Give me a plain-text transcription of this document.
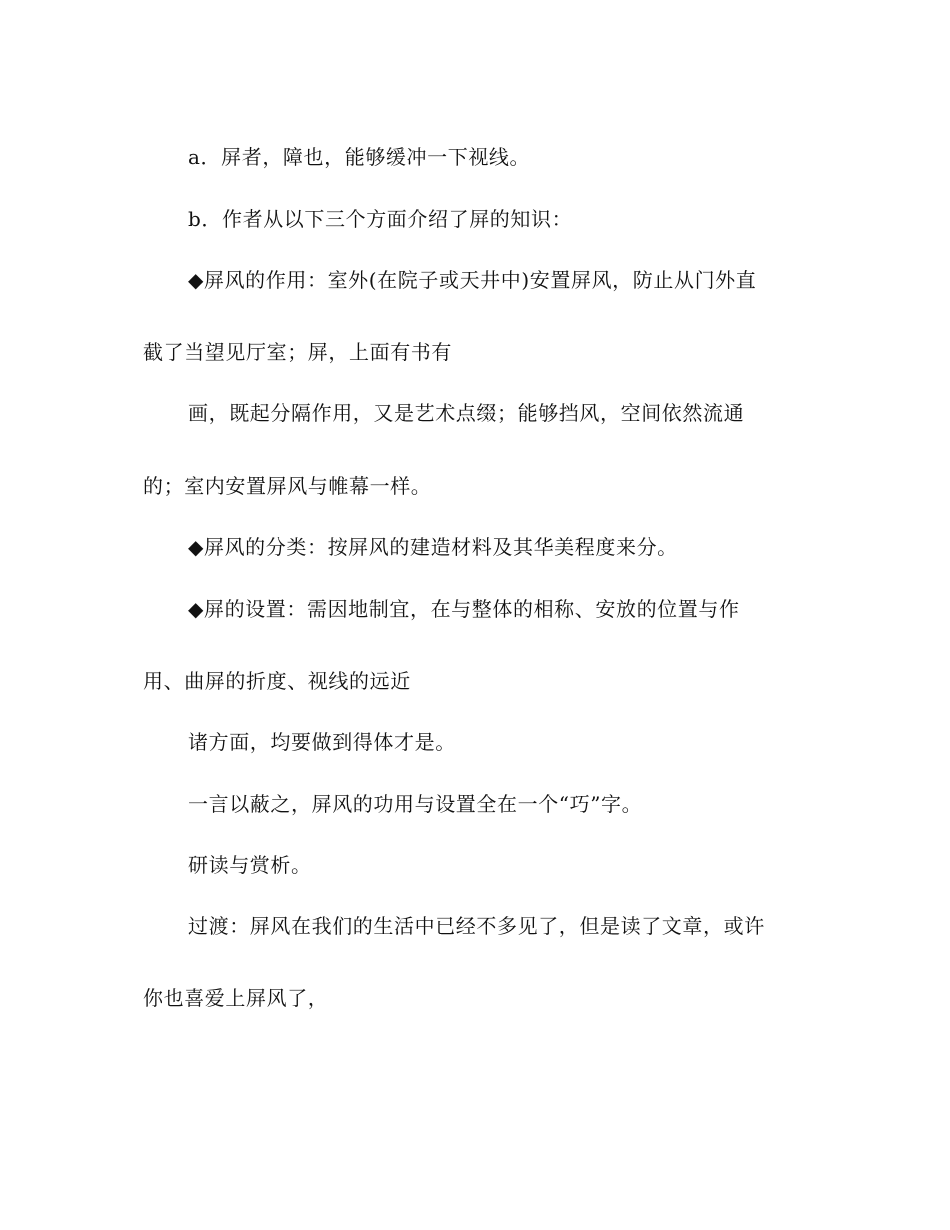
a．屏者，障也，能够缓冲一下视线。
b．作者从以下三个方面介绍了屏的知识：
◆屏风的作用：室外(在院子或天井中)安置屏风，防止从门外直
截了当望见厅室；屏，上面有书有
画，既起分隔作用，又是艺术点缀；能够挡风，空间依然流通
的；室内安置屏风与帷幕一样。
◆屏风的分类：按屏风的建造材料及其华美程度来分。
◆屏的设置：需因地制宜，在与整体的相称、安放的位置与作
用、曲屏的折度、视线的远近
诸方面，均要做到得体才是。
一言以蔽之，屏风的功用与设置全在一个“巧”字。
研读与赏析。
过渡：屏风在我们的生活中已经不多见了，但是读了文章，或许
你也喜爱上屏风了，
